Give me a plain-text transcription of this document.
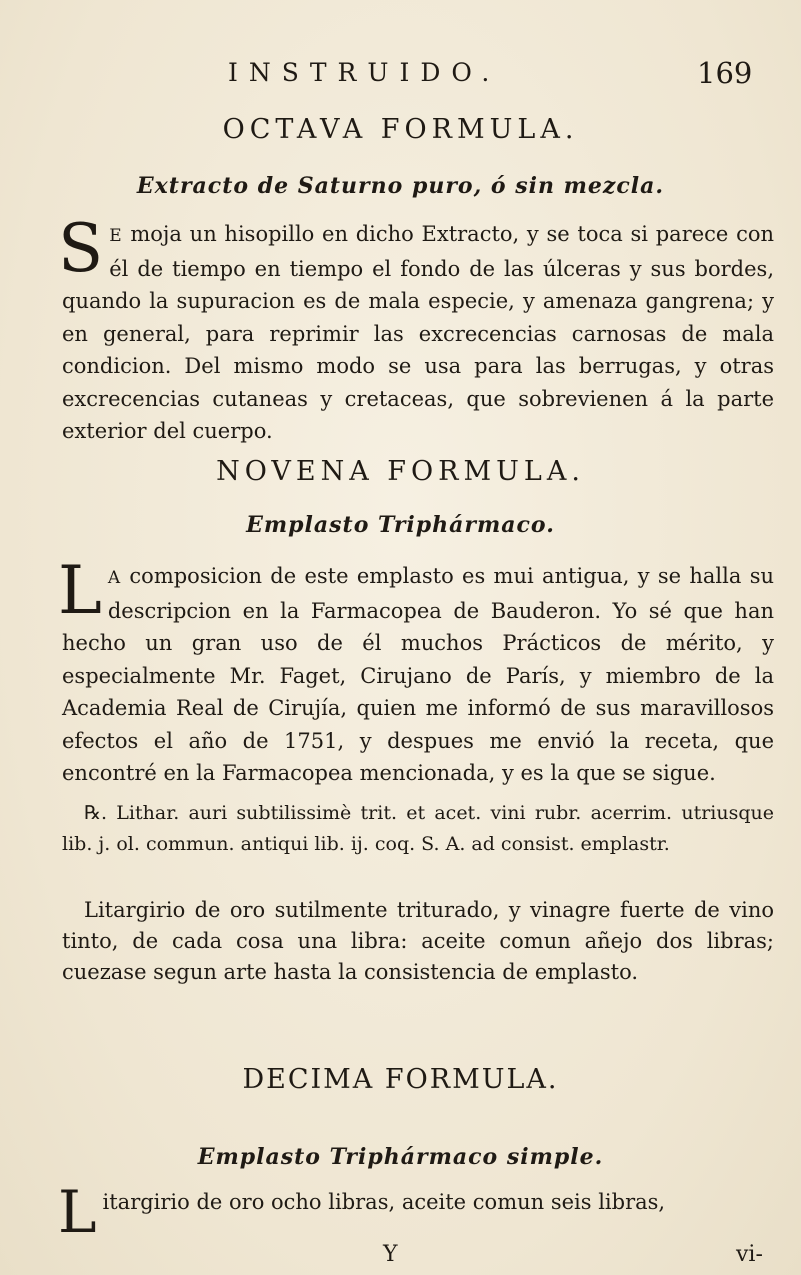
INSTRUIDO.	169
OCTAVA FORMULA.
Extracto de Saturno puro, ó sin mezcla.

S E moja un hisopillo en dicho Extracto, y se toca si parece con él de tiempo en tiempo el fondo de las úlceras y sus bordes, quando la supuracion es de mala especie, y amenaza gangrena; y en general, para reprimir las excrecencias carnosas de mala condicion. Del mismo modo se usa para las berrugas, y otras excrecencias cutaneas y cretaceas, que sobrevienen á la parte exterior del cuerpo.

NOVENA FORMULA.
Emplasto Triphármaco.

L A composicion de este emplasto es mui antigua, y se halla su descripcion en la Farmacopea de Bauderon. Yo sé que han hecho un gran uso de él muchos Prácticos de mérito, y especialmente Mr. Faget, Cirujano de París, y miembro de la Academia Real de Cirujía, quien me informó de sus maravillosos efectos el año de 1751, y despues me envió la receta, que encontré en la Farmacopea mencionada, y es la que se sigue.

℞. Lithar. auri subtilissimè trit. et acet. vini rubr. acerrim. utriusque lib. j. ol. commun. antiqui lib. ij. coq. S. A. ad consist. emplastr.

Litargirio de oro sutilmente triturado, y vinagre fuerte de vino tinto, de cada cosa una libra: aceite comun añejo dos libras; cuezase segun arte hasta la consistencia de emplasto.

DECIMA FORMULA.
Emplasto Triphármaco simple.

Litargirio de oro ocho libras, aceite comun seis libras,

Y	vi-
